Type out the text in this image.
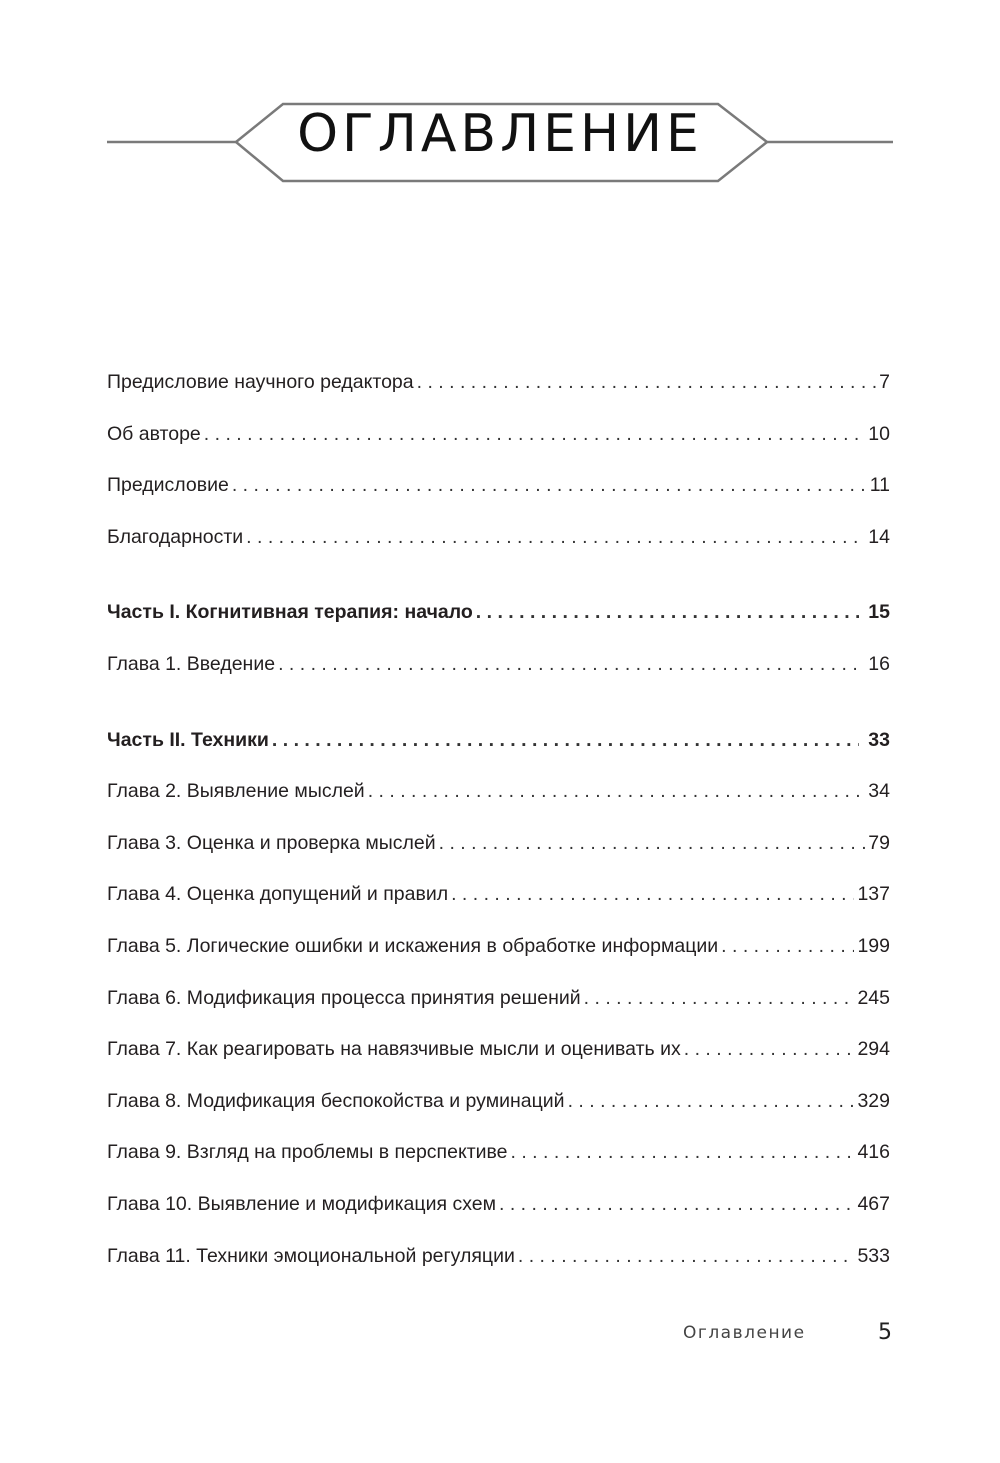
ОГЛАВЛЕНИЕ
Предисловие научного редактора . . .	7
Об авторе . . .	10
Предисловие . . .	11
Благодарности . . .	14
Часть I. Когнитивная терапия: начало . . .	15
Глава 1. Введение . . .	16
Часть II. Техники . . .	33
Глава 2. Выявление мыслей . . .	34
Глава 3. Оценка и проверка мыслей . . .	79
Глава 4. Оценка допущений и правил . . .	137
Глава 5. Логические ошибки и искажения в обработке информации . . .	199
Глава 6. Модификация процесса принятия решений . . .	245
Глава 7. Как реагировать на навязчивые мысли и оценивать их . . .	294
Глава 8. Модификация беспокойства и руминаций . . .	329
Глава 9. Взгляд на проблемы в перспективе . . .	416
Глава 10. Выявление и модификация схем . . .	467
Глава 11. Техники эмоциональной регуляции . . .	533
Оглавление	5
